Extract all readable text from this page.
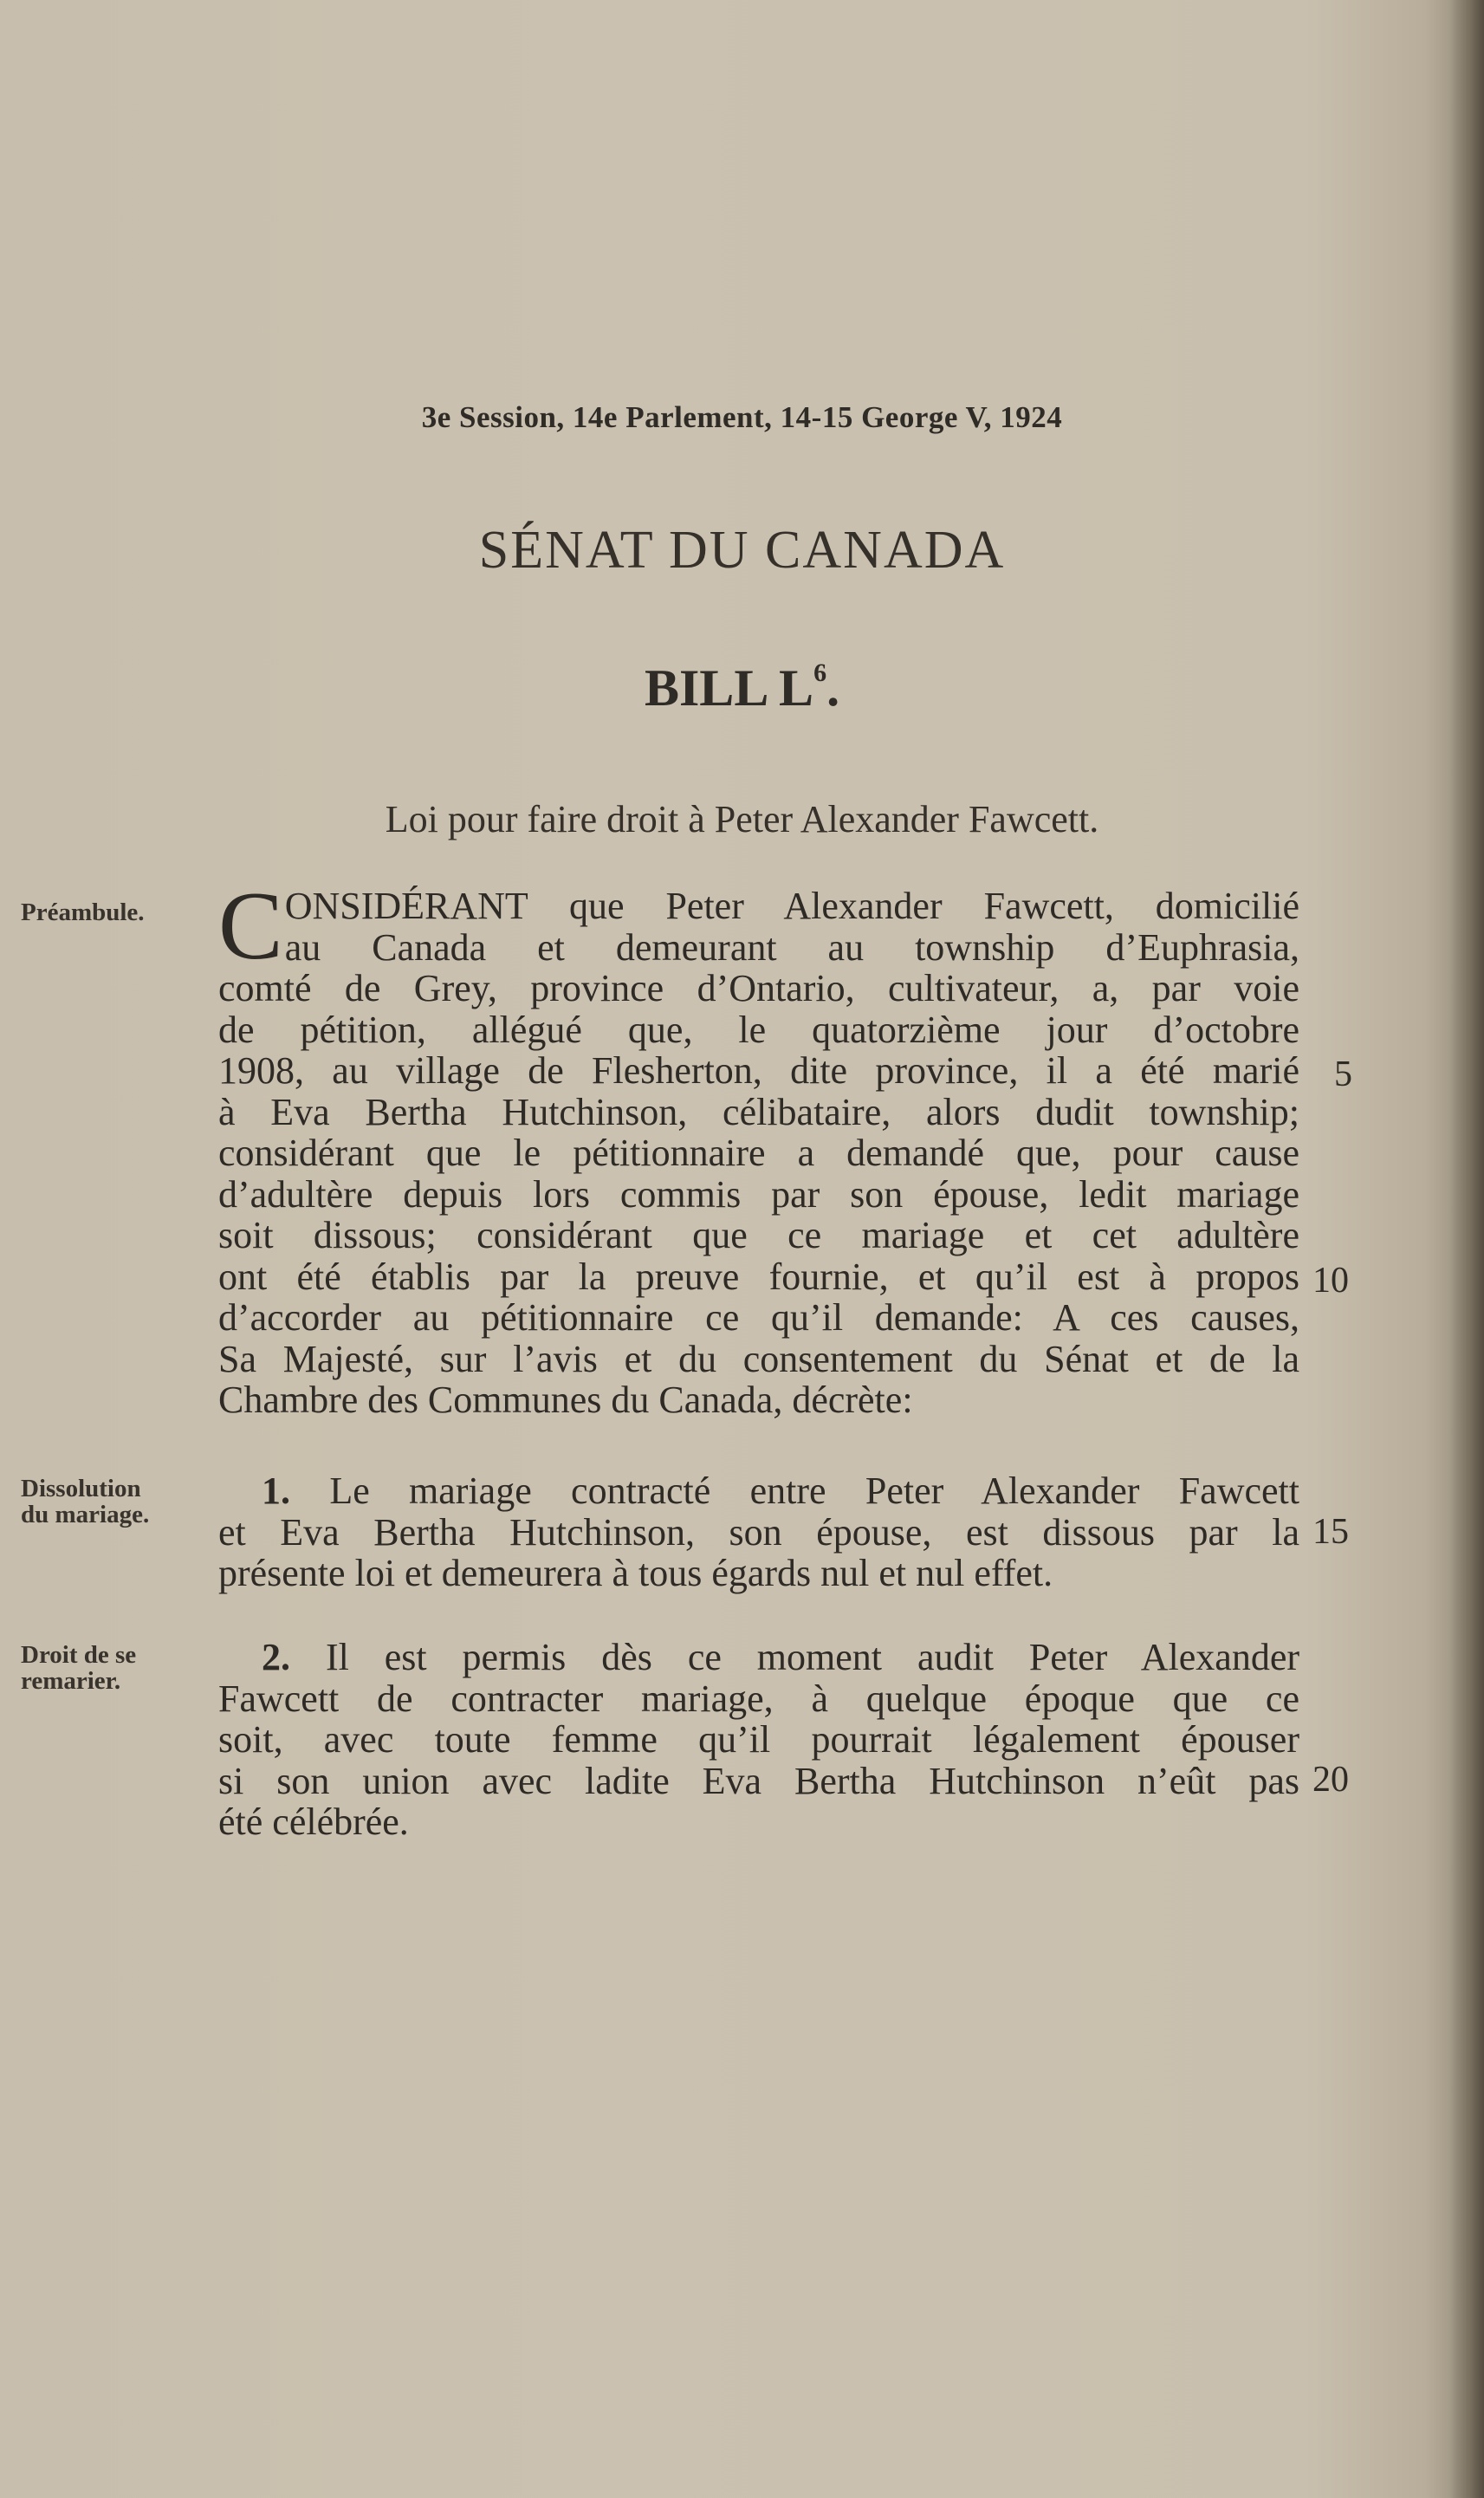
3e Session, 14e Parlement, 14-15 George V, 1924
SÉNAT DU CANADA
BILL $L^6$.
Loi pour faire droit à Peter Alexander Fawcett.
Préambule.
Dissolution
du mariage.
Droit de se
remarier.
C ONSIDÉRANT que Peter Alexander Fawcett, domicilié
au Canada et demeurant au township d’Euphrasia,
comté de Grey, province d’Ontario, cultivateur, a, par voie
de pétition, allégué que, le quatorzième jour d’octobre
1908, au village de Flesherton, dite province, il a été marié
à Eva Bertha Hutchinson, célibataire, alors dudit township;
considérant que le pétitionnaire a demandé que, pour cause
d’adultère depuis lors commis par son épouse, ledit mariage
soit dissous; considérant que ce mariage et cet adultère
ont été établis par la preuve fournie, et qu’il est à propos
d’accorder au pétitionnaire ce qu’il demande: A ces causes,
Sa Majesté, sur l’avis et du consentement du Sénat et de la
Chambre des Communes du Canada, décrète:
1. Le mariage contracté entre Peter Alexander Fawcett
et Eva Bertha Hutchinson, son épouse, est dissous par la
présente loi et demeurera à tous égards nul et nul effet.
2. Il est permis dès ce moment audit Peter Alexander
Fawcett de contracter mariage, à quelque époque que ce
soit, avec toute femme qu’il pourrait légalement épouser
si son union avec ladite Eva Bertha Hutchinson n’eût pas
été célébrée.
5
10
15
20
